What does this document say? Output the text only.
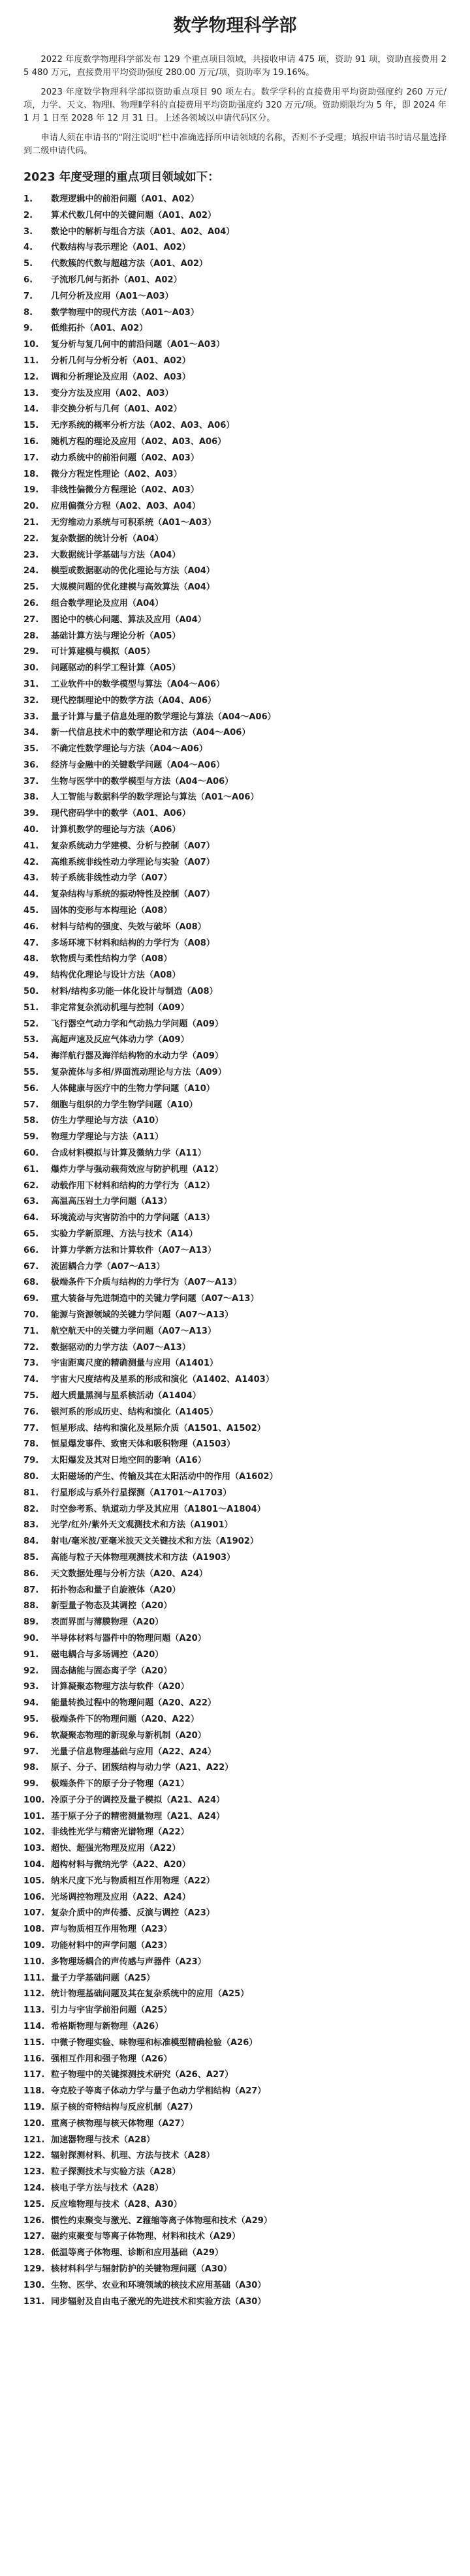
数学物理科学部

2022 年度数学物理科学部发布 129 个重点项目领域，共接收申请 475 项，资助 91 项，资助直接费用 25 480 万元，直接费用平均资助强度 280.00 万元/项，资助率为 19.16%。

2023 年度数学物理科学部拟资助重点项目 90 项左右。数学学科的直接费用平均资助强度约 260 万元/项，力学、天文、物理Ⅰ、物理Ⅱ学科的直接费用平均资助强度约 320 万元/项。资助期限均为 5 年，即 2024 年 1 月 1 日至 2028 年 12 月 31 日。上述各领域以申请代码区分。

申请人须在申请书的“附注说明”栏中准确选择所申请领域的名称，否则不予受理；填报申请书时请尽量选择到二级申请代码。

2023 年度受理的重点项目领域如下：
1.	数理逻辑中的前沿问题（A01、A02）
2.	算术代数几何中的关键问题（A01、A02）
3.	数论中的解析与组合方法（A01、A02、A04）
4.	代数结构与表示理论（A01、A02）
5.	代数簇的代数与超越方法（A01、A02）
6.	子流形几何与拓扑（A01、A02）
7.	几何分析及应用（A01～A03）
8.	数学物理中的现代方法（A01～A03）
9.	低维拓扑（A01、A02）
10.	复分析与复几何中的前沿问题（A01～A03）
11.	分析几何与分析分析（A01、A02）
12.	调和分析理论及应用（A02、A03）
13.	变分方法及应用（A02、A03）
14.	非交换分析与几何（A01、A02）
15.	无序系统的概率分析方法（A02、A03、A06）
16.	随机方程的理论及应用（A02、A03、A06）
17.	动力系统中的前沿问题（A02、A03）
18.	微分方程定性理论（A02、A03）
19.	非线性偏微分方程理论（A02、A03）
20.	应用偏微分方程（A02、A03、A04）
21.	无穷维动力系统与可积系统（A01～A03）
22.	复杂数据的统计分析（A04）
23.	大数据统计学基础与方法（A04）
24.	模型或数据驱动的优化理论与方法（A04）
25.	大规模问题的优化建模与高效算法（A04）
26.	组合数学理论及应用（A04）
27.	图论中的核心问题、算法及应用（A04）
28.	基础计算方法与理论分析（A05）
29.	可计算建模与模拟（A05）
30.	问题驱动的科学工程计算（A05）
31.	工业软件中的数学模型与算法（A04～A06）
32.	现代控制理论中的数学方法（A04、A06）
33.	量子计算与量子信息处理的数学理论与算法（A04～A06）
34.	新一代信息技术中的数学理论和方法（A04～A06）
35.	不确定性数学理论与方法（A04～A06）
36.	经济与金融中的关键数学问题（A04～A06）
37.	生物与医学中的数学模型与方法（A04～A06）
38.	人工智能与数据科学的数学理论与算法（A01～A06）
39.	现代密码学中的数学（A01、A06）
40.	计算机数学的理论与方法（A06）
41.	复杂系统动力学建模、分析与控制（A07）
42.	高维系统非线性动力学理论与实验（A07）
43.	转子系统非线性动力学（A07）
44.	复杂结构与系统的振动特性及控制（A07）
45.	固体的变形与本构理论（A08）
46.	材料与结构的强度、失效与破坏（A08）
47.	多场环境下材料和结构的力学行为（A08）
48.	软物质与柔性结构力学（A08）
49.	结构优化理论与设计方法（A08）
50.	材料/结构多功能一体化设计与制造（A08）
51.	非定常复杂流动机理与控制（A09）
52.	飞行器空气动力学和气动热力学问题（A09）
53.	高超声速及反应气体动力学（A09）
54.	海洋航行器及海洋结构物的水动力学（A09）
55.	复杂流体与多相/界面流动理论与方法（A09）
56.	人体健康与医疗中的生物力学问题（A10）
57.	细胞与组织的力学生物学问题（A10）
58.	仿生力学理论与方法（A10）
59.	物理力学理论与方法（A11）
60.	合成材料模拟与计算及微纳力学（A11）
61.	爆炸力学与强动载荷效应与防护机理（A12）
62.	动载作用下材料和结构的力学行为（A12）
63.	高温高压岩土力学问题（A13）
64.	环境流动与灾害防治中的力学问题（A13）
65.	实验力学新原理、方法与技术（A14）
66.	计算力学新方法和计算软件（A07～A13）
67.	流固耦合力学（A07～A13）
68.	极端条件下介质与结构的力学行为（A07～A13）
69.	重大装备与先进制造中的关键力学问题（A07～A13）
70.	能源与资源领域的关键力学问题（A07～A13）
71.	航空航天中的关键力学问题（A07～A13）
72.	数据驱动的力学方法（A07～A13）
73.	宇宙距离尺度的精确测量与应用（A1401）
74.	宇宙大尺度结构及星系的形成和演化（A1402、A1403）
75.	超大质量黑洞与星系核活动（A1404）
76.	银河系的形成历史、结构和演化（A1405）
77.	恒星形成、结构和演化及星际介质（A1501、A1502）
78.	恒星爆发事件、致密天体和吸积物理（A1503）
79.	太阳爆发及其对日地空间的影响（A16）
80.	太阳磁场的产生、传输及其在太阳活动中的作用（A1602）
81.	行星形成与系外行星探测（A1701～A1703）
82.	时空参考系、轨道动力学及其应用（A1801～A1804）
83.	光学/红外/紫外天文观测技术和方法（A1901）
84.	射电/毫米波/亚毫米波天文关键技术和方法（A1902）
85.	高能与粒子天体物理观测技术和方法（A1903）
86.	天文数据处理与分析方法（A20、A24）
87.	拓扑物态和量子自旋液体（A20）
88.	新型量子物态及其调控（A20）
89.	表面界面与薄膜物理（A20）
90.	半导体材料与器件中的物理问题（A20）
91.	磁电耦合与多场调控（A20）
92.	固态储能与固态离子学（A20）
93.	计算凝聚态物理方法与软件（A20）
94.	能量转换过程中的物理问题（A20、A22）
95.	极端条件下的物理问题（A20、A22）
96.	软凝聚态物理的新现象与新机制（A20）
97.	光量子信息物理基础与应用（A22、A24）
98.	原子、分子、团簇结构与动力学（A21、A22）
99.	极端条件下的原子分子物理（A21）
100. 冷原子分子的调控及量子模拟（A21、A24）
101. 基于原子分子的精密测量物理（A21、A24）
102. 非线性光学与精密光谱物理（A22）
103. 超快、超强光物理及应用（A22）
104. 超构材料与微纳光学（A22、A20）
105. 纳米尺度下光与物质相互作用物理（A22）
106. 光场调控物理及应用（A22、A24）
107. 复杂介质中的声传播、反演与调控（A23）
108. 声与物质相互作用物理（A23）
109. 功能材料中的声学问题（A23）
110. 多物理场耦合的声传感与声器件（A23）
111. 量子力学基础问题（A25）
112. 统计物理基础问题及其在复杂系统中的应用（A25）
113. 引力与宇宙学前沿问题（A25）
114. 希格斯物理与新物理（A26）
115. 中微子物理实验、味物理和标准模型精确检验（A26）
116. 强相互作用和强子物理（A26）
117. 粒子物理中的关键探测技术研究（A26、A27）
118. 夸克胶子等离子体动力学与量子色动力学相结构（A27）
119. 原子核的奇特结构与反应机制（A27）
120. 重离子核物理与核天体物理（A27）
121. 加速器物理与技术（A28）
122. 辐射探测材料、机理、方法与技术（A28）
123. 粒子探测技术与实验方法（A28）
124. 核电子学方法与技术（A28）
125. 反应堆物理与技术（A28、A30）
126. 惯性约束聚变与激光、Z箍缩等离子体物理和技术（A29）
127. 磁约束聚变与等离子体物理、材料和技术（A29）
128. 低温等离子体物理、诊断和应用基础（A29）
129. 核材料科学与辐射防护的关键物理问题（A30）
130. 生物、医学、农业和环境领域的核技术应用基础（A30）
131. 同步辐射及自由电子激光的先进技术和实验方法（A30）
